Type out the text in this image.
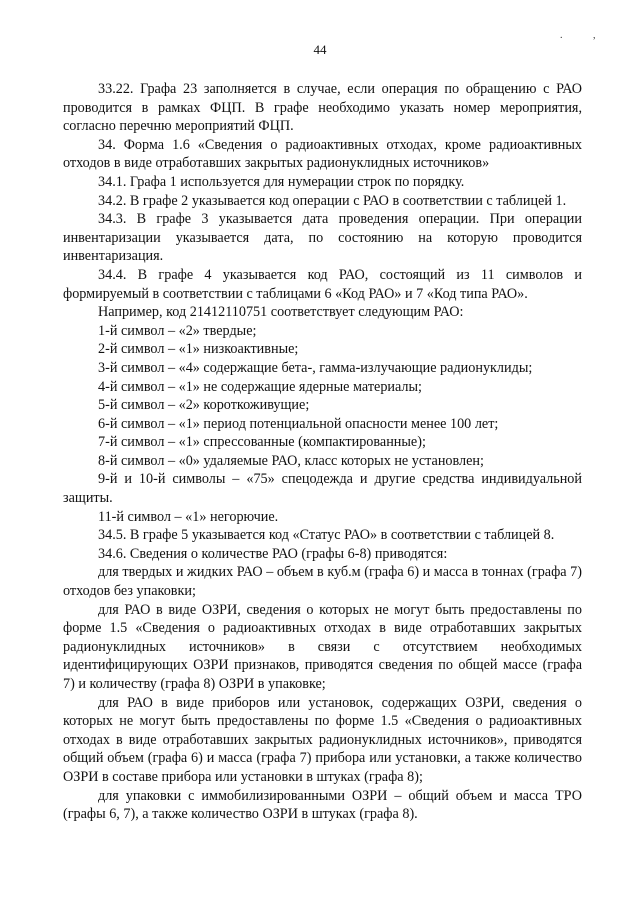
. ,
44

33.22. Графа 23 заполняется в случае, если операция по обращению с РАО проводится в рамках ФЦП. В графе необходимо указать номер мероприятия, согласно перечню мероприятий ФЦП.

34. Форма 1.6 «Сведения о радиоактивных отходах, кроме радиоактивных отходов в виде отработавших закрытых радионуклидных источников»

34.1. Графа 1 используется для нумерации строк по порядку.

34.2. В графе 2 указывается код операции с РАО в соответствии с таблицей 1.

34.3. В графе 3 указывается дата проведения операции. При операции инвентаризации указывается дата, по состоянию на которую проводится инвентаризация.

34.4. В графе 4 указывается код РАО, состоящий из 11 символов и формируемый в соответствии с таблицами 6 «Код РАО» и 7 «Код типа РАО».

Например, код 21412110751 соответствует следующим РАО:

1-й символ – «2» твердые;

2-й символ – «1» низкоактивные;

3-й символ – «4» содержащие бета-, гамма-излучающие радионуклиды;

4-й символ – «1» не содержащие ядерные материалы;

5-й символ – «2» короткоживущие;

6-й символ – «1» период потенциальной опасности менее 100 лет;

7-й символ – «1» спрессованные (компактированные);

8-й символ – «0» удаляемые РАО, класс которых не установлен;

9-й и 10-й символы – «75» спецодежда и другие средства индивидуальной защиты.

11-й символ – «1» негорючие.

34.5. В графе 5 указывается код «Статус РАО» в соответствии с таблицей 8.

34.6. Сведения о количестве РАО (графы 6-8) приводятся:

для твердых и жидких РАО – объем в куб.м (графа 6) и масса в тоннах (графа 7) отходов без упаковки;

для РАО в виде ОЗРИ, сведения о которых не могут быть предоставлены по форме 1.5 «Сведения о радиоактивных отходах в виде отработавших закрытых радионуклидных источников» в связи с отсутствием необходимых идентифицирующих ОЗРИ признаков, приводятся сведения по общей массе (графа 7) и количеству (графа 8) ОЗРИ в упаковке;

для РАО в виде приборов или установок, содержащих ОЗРИ, сведения о которых не могут быть предоставлены по форме 1.5 «Сведения о радиоактивных отходах в виде отработавших закрытых радионуклидных источников», приводятся общий объем (графа 6) и масса (графа 7) прибора или установки, а также количество ОЗРИ в составе прибора или установки в штуках (графа 8);

для упаковки с иммобилизированными ОЗРИ – общий объем и масса ТРО (графы 6, 7), а также количество ОЗРИ в штуках (графа 8).
